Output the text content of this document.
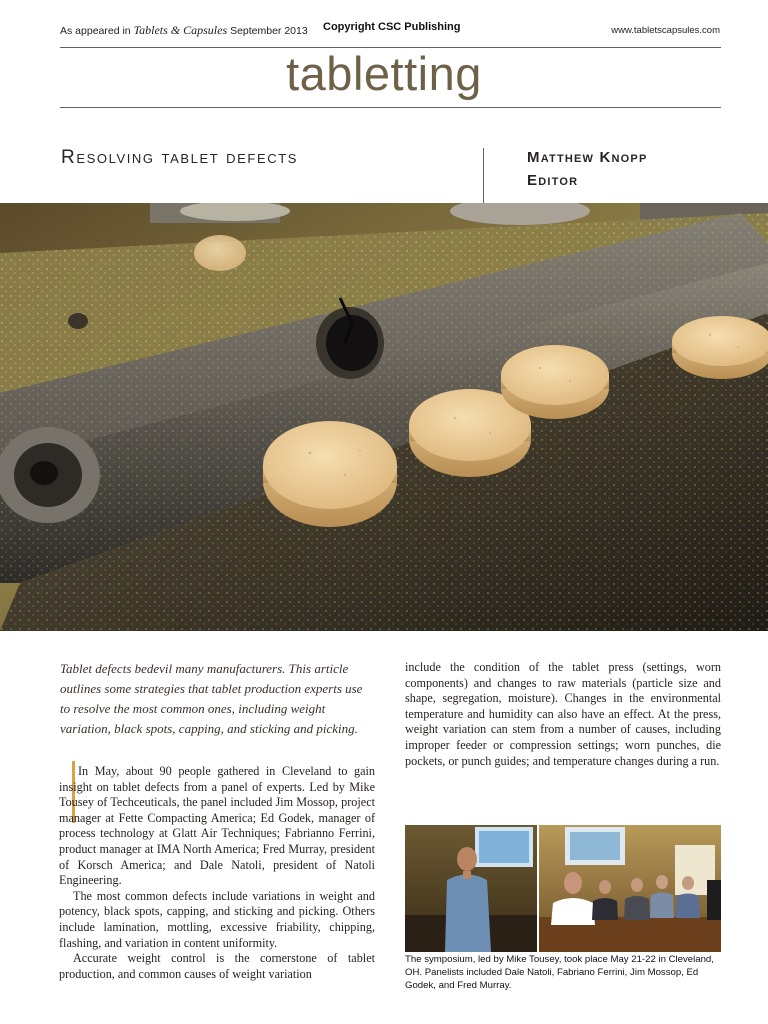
As appeared in Tablets & Capsules September 2013 Copyright CSC Publishing	www.tabletscapsules.com
tabletting
Resolving tablet defects	Matthew Knopp
Editor
Tablet defects bedevil many manufacturers. This article outlines some strategies that tablet production experts use to resolve the most common ones, including weight variation, black spots, capping, and sticking and picking.

In May, about 90 people gathered in Cleveland to gain insight on tablet defects from a panel of experts. Led by Mike Tousey of Techceuticals, the panel included Jim Mossop, project manager at Fette Compacting America; Ed Godek, manager of process technology at Glatt Air Techniques; Fabrianno Ferrini, product manager at IMA North America; Fred Murray, president of Korsch America; and Dale Natoli, president of Natoli Engineering.

The most common defects include variations in weight and potency, black spots, capping, and sticking and picking. Others include lamination, mottling, excessive friability, chipping, flashing, and variation in content uniformity.

Accurate weight control is the cornerstone of tablet production, and common causes of weight variation

include the condition of the tablet press (settings, worn components) and changes to raw materials (particle size and shape, segregation, moisture). Changes in the environmental temperature and humidity can also have an effect. At the press, weight variation can stem from a number of causes, including improper feeder or compression settings; worn punches, die pockets, or punch guides; and temperature changes during a run.
The symposium, led by Mike Tousey, took place May 21-22 in Cleveland, OH. Panelists included Dale Natoli, Fabriano Ferrini, Jim Mossop, Ed Godek, and Fred Murray.
